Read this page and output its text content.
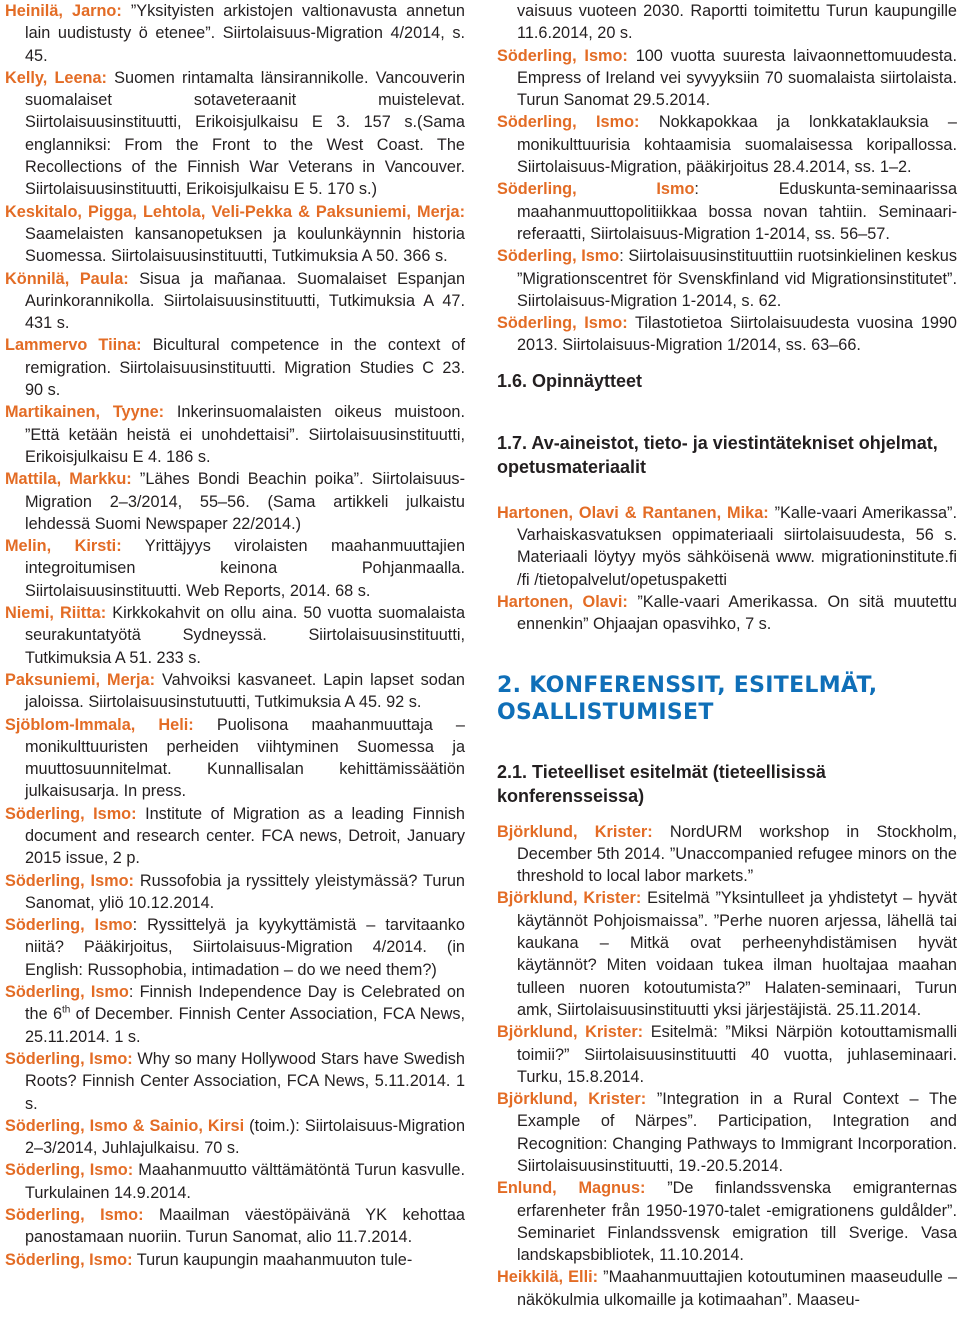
Heinilä, Jarno: ”Yksityisten arkistojen valtionavusta annetun lain uudistusty ö etenee”. Siirtolaisuus-Migration 4/2014, s. 45.

Kelly, Leena: Suomen rintamalta länsirannikolle. Vancouverin suomalaiset sotaveteraanit muistelevat. Siirtolaisuusinstituutti, Erikoisjulkaisu E 3. 157 s.(Sama englanniksi: From the Front to the West Coast. The Recollections of the Finnish War Veterans in Vancouver. Siirtolaisuusinstituutti, Erikoisjulkaisu E 5. 170 s.)

Keskitalo, Pigga, Lehtola, Veli-Pekka & Paksuniemi, Merja: Saamelaisten kansanopetuksen ja koulunkäynnin historia Suomessa. Siirtolaisuusinstituutti, Tutkimuksia A 50. 366 s.

Könnilä, Paula: Sisua ja mañanaa. Suomalaiset Espanjan Aurinkorannikolla. Siirtolaisuusinstituutti, Tutkimuksia A 47. 431 s.

Lammervo Tiina: Bicultural competence in the context of remigration. Siirtolaisuusinstituutti. Migration Studies C 23. 90 s.

Martikainen, Tyyne: Inkerinsuomalaisten oikeus muistoon. ”Että ketään heistä ei unohdettaisi”. Siirtolaisuusinstituutti, Erikoisjulkaisu E 4. 186 s.

Mattila, Markku: ”Lähes Bondi Beachin poika”. Siirtolaisuus-Migration 2–3/2014, 55–56. (Sama artikkeli julkaistu lehdessä Suomi Newspaper 22/2014.)

Melin, Kirsti: Yrittäjyys virolaisten maahanmuuttajien integroitumisen keinona Pohjanmaalla. Siirtolaisuusinstituutti. Web Reports, 2014. 68 s.

Niemi, Riitta: Kirkkokahvit on ollu aina. 50 vuotta suomalaista seurakuntatyötä Sydneyssä. Siirtolaisuusinstituutti, Tutkimuksia A 51. 233 s.

Paksuniemi, Merja: Vahvoiksi kasvaneet. Lapin lapset sodan jaloissa. Siirtolaisuusinstutuutti, Tutkimuksia A 45. 92 s.

Sjöblom-Immala, Heli: Puolisona maahanmuuttaja – monikulttuuristen perheiden viihtyminen Suomessa ja muuttosuunnitelmat. Kunnallisalan kehittämissäätiön julkaisusarja. In press.

Söderling, Ismo: Institute of Migration as a leading Finnish document and research center. FCA news, Detroit, January 2015 issue, 2 p.

Söderling, Ismo: Russofobia ja ryssittely yleistymässä? Turun Sanomat, yliö 10.12.2014.

Söderling, Ismo: Ryssittelyä ja kyykyttämistä – tarvitaanko niitä? Pääkirjoitus, Siirtolaisuus-Migration 4/2014. (in English: Russophobia, intimadation – do we need them?)

Söderling, Ismo: Finnish Independence Day is Celebrated on the 6th of December. Finnish Center Association, FCA News, 25.11.2014. 1 s.

Söderling, Ismo: Why so many Hollywood Stars have Swedish Roots? Finnish Center Association, FCA News, 5.11.2014. 1 s.

Söderling, Ismo & Sainio, Kirsi (toim.): Siirtolaisuus-Migration 2–3/2014, Juhlajulkaisu. 70 s.

Söderling, Ismo: Maahanmuutto välttämätöntä Turun kasvulle. Turkulainen 14.9.2014.

Söderling, Ismo: Maailman väestöpäivänä YK kehottaa panostamaan nuoriin. Turun Sanomat, alio 11.7.2014.

Söderling, Ismo: Turun kaupungin maahanmuuton tule-

vaisuus vuoteen 2030. Raportti toimitettu Turun kaupungille 11.6.2014, 20 s.

Söderling, Ismo: 100 vuotta suuresta laivaonnettomuudesta. Empress of Ireland vei syvyyksiin 70 suomalaista siirtolaista. Turun Sanomat 29.5.2014.

Söderling, Ismo: Nokkapokkaa ja lonkkataklauksia – monikulttuurisia kohtaamisia suomalaisessa koripallossa. Siirtolaisuus-Migration, pääkirjoitus 28.4.2014, ss. 1–2.

Söderling, Ismo: Eduskunta-seminaarissa maahanmuuttopolitiikkaa bossa novan tahtiin. Seminaari-referaatti, Siirtolaisuus-Migration 1-2014, ss. 56–57.

Söderling, Ismo: Siirtolaisuusinstituuttiin ruotsinkielinen keskus ”Migrationscentret för Svenskfinland vid Migrationsinstitutet”. Siirtolaisuus-Migration 1-2014, s. 62.

Söderling, Ismo: Tilastotietoa Siirtolaisuudesta vuosina 1990 2013. Siirtolaisuus-Migration 1/2014, ss. 63–66.

1.6. Opinnäytteet

1.7. Av-aineistot, tieto- ja viestintätekniset ohjelmat, opetusmateriaalit

Hartonen, Olavi & Rantanen, Mika: ”Kalle-vaari Amerikassa”. Varhaiskasvatuksen oppimateriaali siirtolaisuudesta, 56 s. Materiaali löytyy myös sähköisenä www. migrationinstitute.fi /fi /tietopalvelut/opetuspaketti

Hartonen, Olavi: ”Kalle-vaari Amerikassa. On sitä muutettu ennenkin” Ohjaajan opasvihko, 7 s.

2. KONFERENSSIT, ESITELMÄT, OSALLISTUMISET

2.1. Tieteelliset esitelmät (tieteellisissä konferensseissa)

Björklund, Krister: NordURM workshop in Stockholm, December 5th 2014. ”Unaccompanied refugee minors on the threshold to local labor markets.”

Björklund, Krister: Esitelmä ”Yksintulleet ja yhdistetyt – hyvät käytännöt Pohjoismaissa”. ”Perhe nuoren arjessa, lähellä tai kaukana – Mitkä ovat perheenyhdistämisen hyvät käytännöt? Miten voidaan tukea ilman huoltajaa maahan tulleen nuoren kotoutumista?” Halaten-seminaari, Turun amk, Siirtolaisuusinstituutti yksi järjestäjistä. 25.11.2014.

Björklund, Krister: Esitelmä: ”Miksi Närpiön kotouttamismalli toimii?” Siirtolaisuusinstituutti 40 vuotta, juhlaseminaari. Turku, 15.8.2014.

Björklund, Krister: ”Integration in a Rural Context – The Example of Närpes”. Participation, Integration and Recognition: Changing Pathways to Immigrant Incorporation. Siirtolaisuusinstituutti, 19.-20.5.2014.

Enlund, Magnus: ”De finlandssvenska emigranternas erfarenheter från 1950-1970-talet -emigrationens guldålder”. Seminariet Finlandssvensk emigration till Sverige. Vasa landskapsbibliotek, 11.10.2014.

Heikkilä, Elli: ”Maahanmuuttajien kotoutuminen maaseudulle – näkökulmia ulkomaille ja kotimaahan”. Maaseu-
